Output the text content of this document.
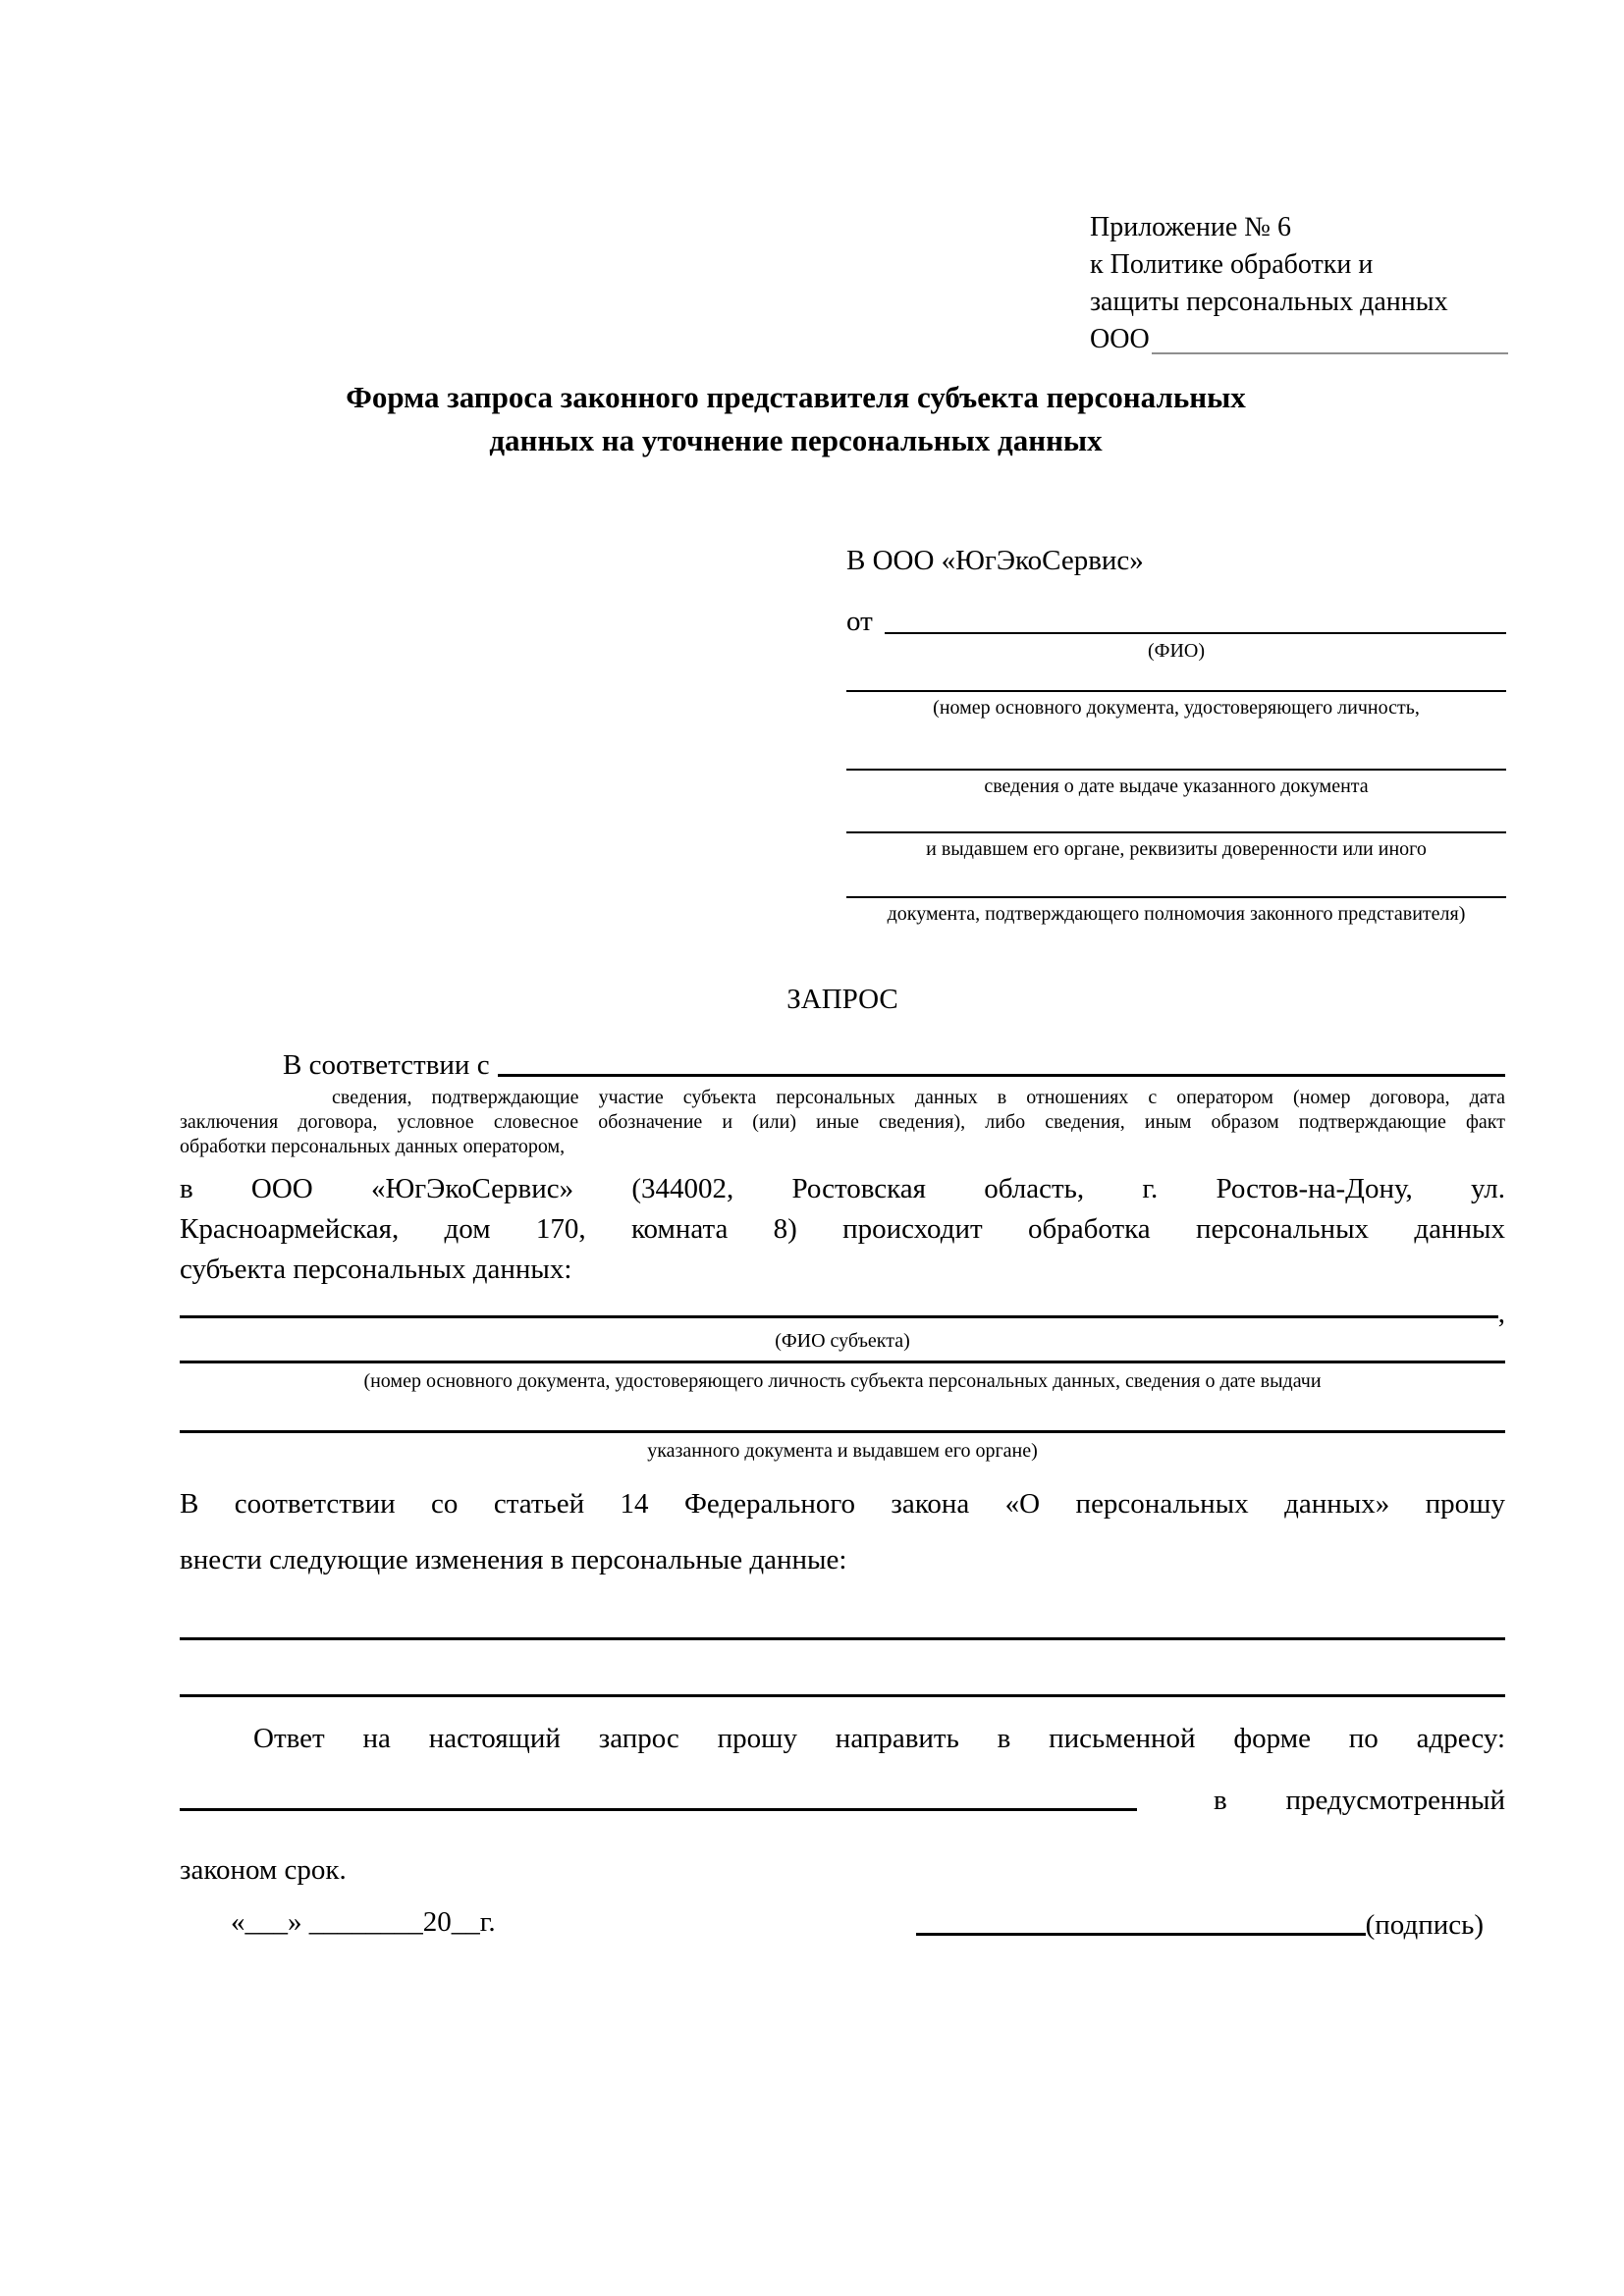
Приложение № 6
к Политике обработки и
защиты персональных данных
ООО
Форма запроса законного представителя субъекта персональных
данных на уточнение персональных данных
В ООО «ЮгЭкоСервис»
от
(ФИО)
(номер основного документа, удостоверяющего личность,
сведения о дате выдаче указанного документа
и выдавшем его органе, реквизиты доверенности или иного
документа, подтверждающего полномочия законного представителя)
ЗАПРОС
В соответствии с
сведения, подтверждающие участие субъекта персональных данных в отношениях с оператором (номер договора, дата
заключения договора, условное словесное обозначение и (или) иные сведения), либо сведения, иным образом подтверждающие факт
обработки персональных данных оператором,
в ООО «ЮгЭкоСервис» (344002, Ростовская область, г. Ростов-на-Дону, ул.
Красноармейская, дом 170, комната 8) происходит обработка персональных данных
субъекта персональных данных:
,
(ФИО субъекта)
(номер основного документа, удостоверяющего личность субъекта персональных данных, сведения о дате выдачи
указанного документа и выдавшем его органе)
В соответствии со статьей 14 Федерального закона «О персональных данных» прошу
внести следующие изменения в персональные данные:
Ответ на настоящий запрос прошу направить в письменной форме по адресу:
в предусмотренный
законом срок.
«___» ________20__г.	(подпись)
